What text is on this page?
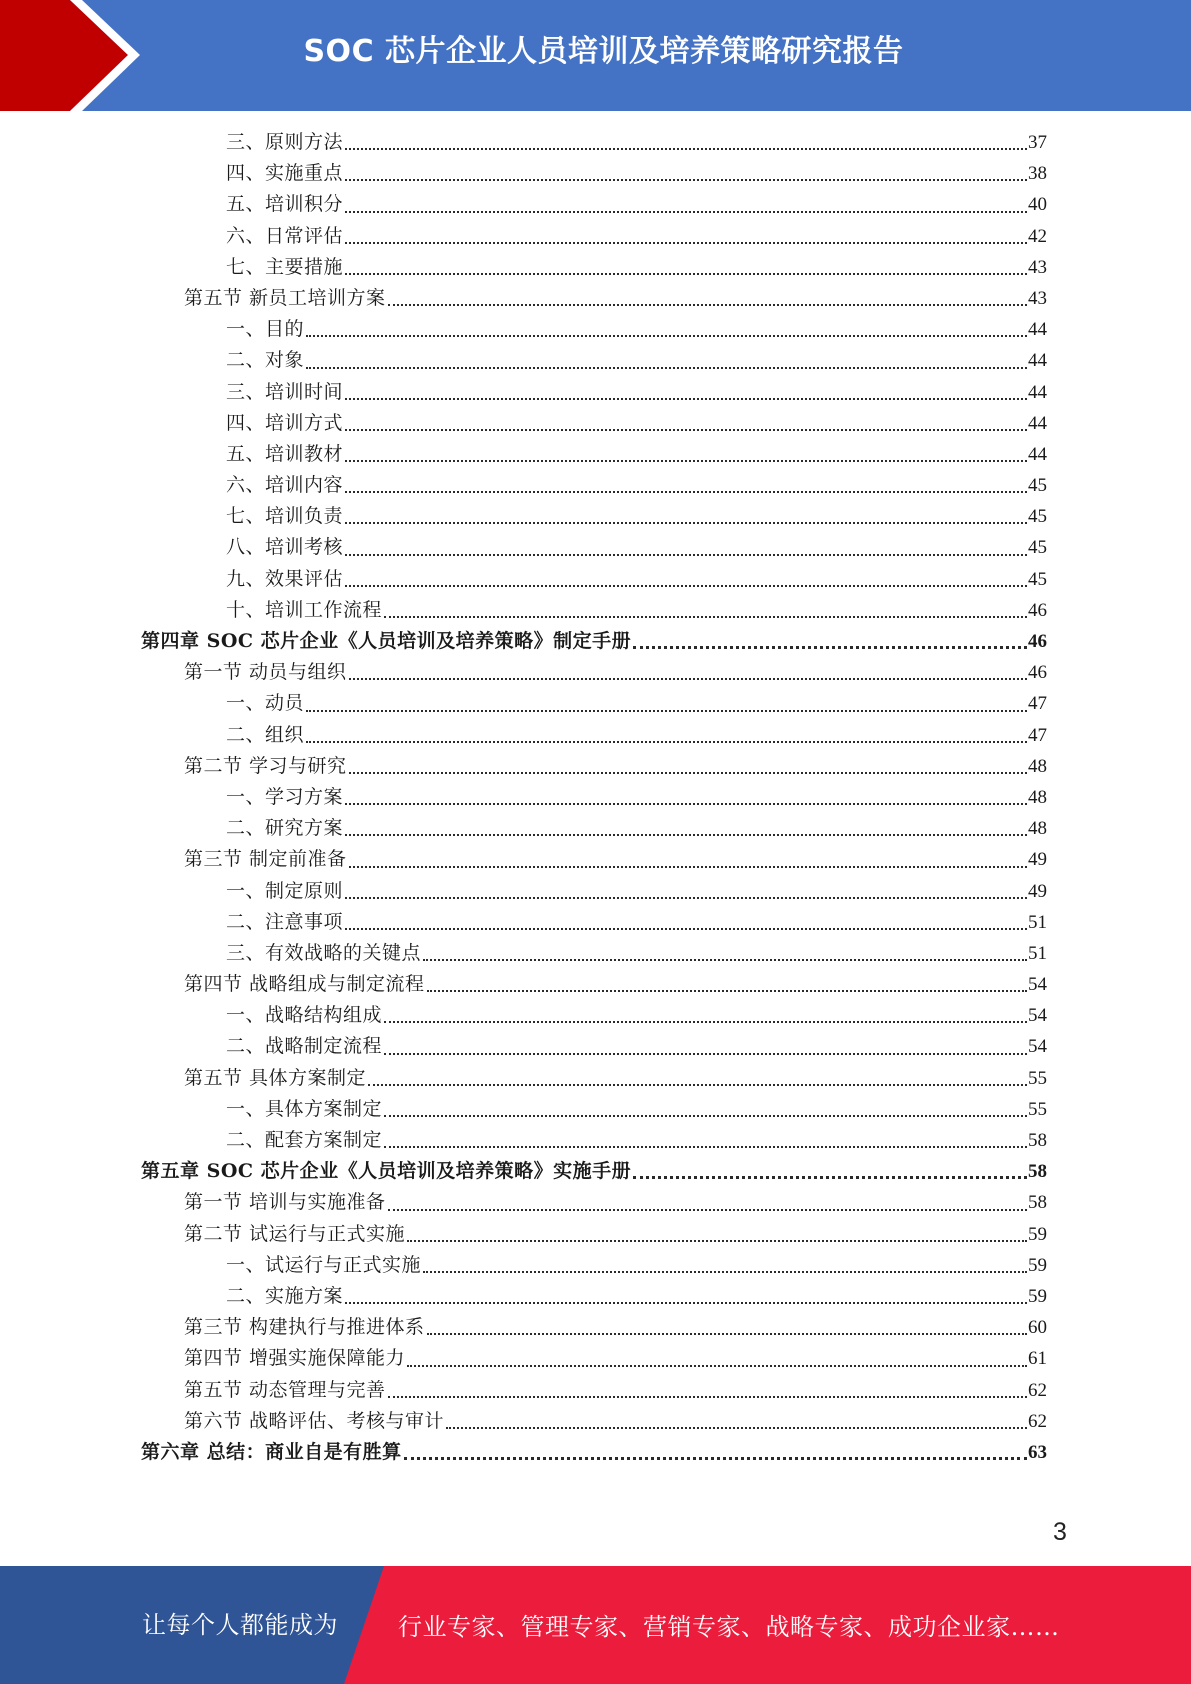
SOC 芯片企业人员培训及培养策略研究报告
三、原则方法	37
四、实施重点	38
五、培训积分	40
六、日常评估	42
七、主要措施	43
第五节 新员工培训方案	43
一、目的	44
二、对象	44
三、培训时间	44
四、培训方式	44
五、培训教材	44
六、培训内容	45
七、培训负责	45
八、培训考核	45
九、效果评估	45
十、培训工作流程	46
第四章 SOC 芯片企业《人员培训及培养策略》制定手册	46
第一节 动员与组织	46
一、动员	47
二、组织	47
第二节 学习与研究	48
一、学习方案	48
二、研究方案	48
第三节 制定前准备	49
一、制定原则	49
二、注意事项	51
三、有效战略的关键点	51
第四节 战略组成与制定流程	54
一、战略结构组成	54
二、战略制定流程	54
第五节 具体方案制定	55
一、具体方案制定	55
二、配套方案制定	58
第五章 SOC 芯片企业《人员培训及培养策略》实施手册	58
第一节 培训与实施准备	58
第二节 试运行与正式实施	59
一、试运行与正式实施	59
二、实施方案	59
第三节 构建执行与推进体系	60
第四节 增强实施保障能力	61
第五节 动态管理与完善	62
第六节 战略评估、考核与审计	62
第六章 总结：商业自是有胜算	63
3
让每个人都能成为	行业专家、管理专家、营销专家、战略专家、成功企业家……
